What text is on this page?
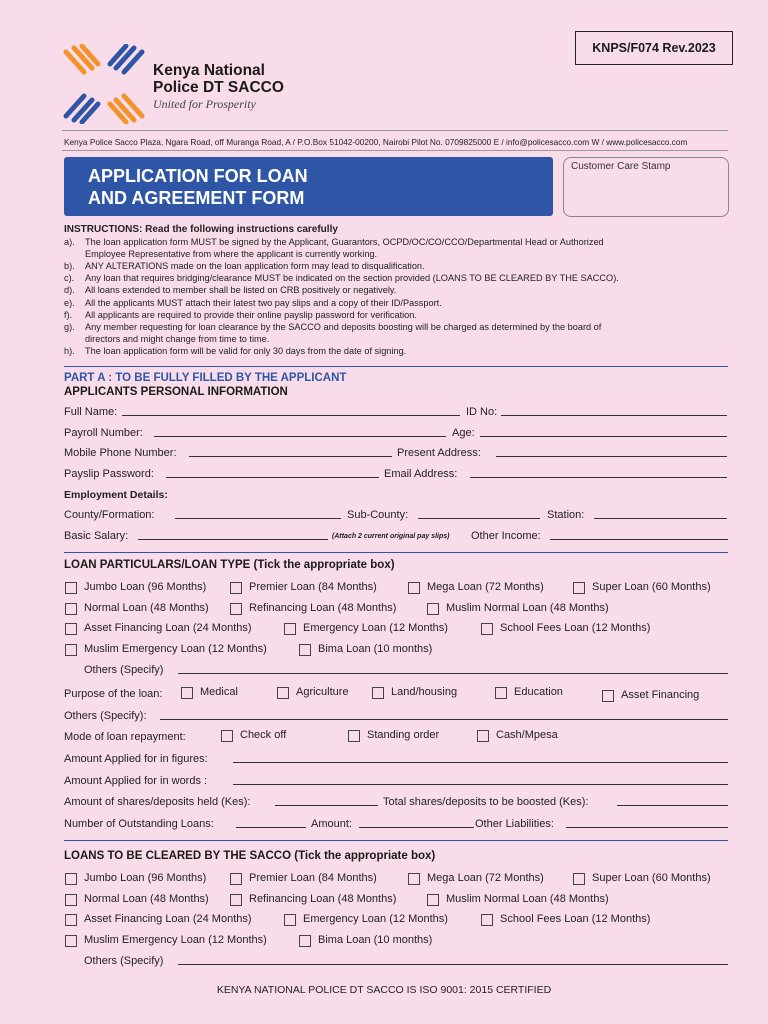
KNPS/F074 Rev.2023
Kenya National
Police DT SACCO
United for Prosperity
Kenya Police Sacco Plaza, Ngara Road, off Muranga Road, A / P.O.Box 51042-00200, Nairobi Pilot No. 0709825000 E / info@policesacco.com W / www.policesacco.com
APPLICATION FOR LOAN
AND AGREEMENT FORM
Customer Care Stamp
INSTRUCTIONS: Read the following instructions carefully
a).	The loan application form MUST be signed by the Applicant, Guarantors, OCPD/OC/CO/CCO/Departmental Head or Authorized
Employee Representative from where the applicant is currently working.
b).	ANY ALTERATIONS made on the loan application form may lead to disqualification.
c).	Any loan that requires bridging/clearance MUST be indicated on the section provided (LOANS TO BE CLEARED BY THE SACCO).
d).	All loans extended to member shall be listed on CRB positively or negatively.
e).	All the applicants MUST attach their latest two pay slips and a copy of their ID/Passport.
f).	All applicants are required to provide their online payslip password for verification.
g).	Any member requesting for loan clearance by the SACCO and deposits boosting will be charged as determined by the board of
directors and might change from time to time.
h).	The loan application form will be valid for only 30 days from the date of signing.
PART A : TO BE FULLY FILLED BY THE APPLICANT
APPLICANTS PERSONAL INFORMATION
Full Name:	ID No:
Payroll Number:	Age:
Mobile Phone Number:	Present Address:
Payslip Password:	Email Address:
Employment Details:
County/Formation:	Sub-County:	Station:
Basic Salary:	(Attach 2 current original pay slips) Other Income:
LOAN PARTICULARS/LOAN TYPE (Tick the appropriate box)
Jumbo Loan (96 Months)	Premier Loan (84 Months)	Mega Loan (72 Months)	Super Loan (60 Months)
Normal Loan (48 Months)	Refinancing Loan (48 Months)	Muslim Normal Loan (48 Months)
Asset Financing Loan (24 Months)	Emergency Loan (12 Months)	School Fees Loan (12 Months)
Muslim Emergency Loan (12 Months)	Bima Loan (10 months)
Others (Specify)
Purpose of the loan:	Medical	Agriculture	Land/housing	Education	Asset Financing
Others (Specify):
Mode of loan repayment:	Check off	Standing order	Cash/Mpesa
Amount Applied for in figures:
Amount Applied for in words :
Amount of shares/deposits held (Kes):	Total shares/deposits to be boosted (Kes):
Number of Outstanding Loans:	Amount:	Other Liabilities:
LOANS TO BE CLEARED BY THE SACCO (Tick the appropriate box)
Jumbo Loan (96 Months)	Premier Loan (84 Months)	Mega Loan (72 Months)	Super Loan (60 Months)
Normal Loan (48 Months)	Refinancing Loan (48 Months)	Muslim Normal Loan (48 Months)
Asset Financing Loan (24 Months)	Emergency Loan (12 Months)	School Fees Loan (12 Months)
Muslim Emergency Loan (12 Months)	Bima Loan (10 months)
Others (Specify)
KENYA NATIONAL POLICE DT SACCO IS ISO 9001: 2015 CERTIFIED
